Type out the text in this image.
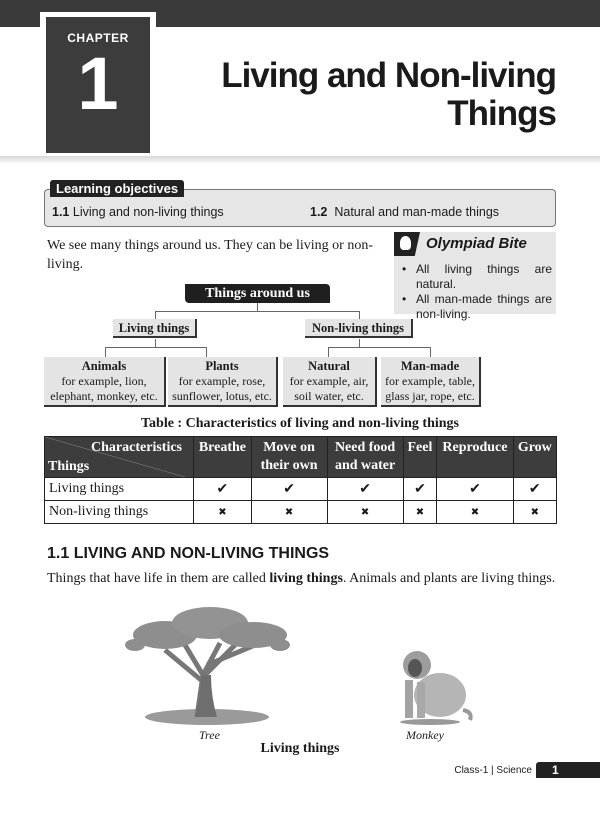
CHAPTER
1	Living and Non-living
Things
Learning objectives
1.1 Living and non-living things	1.2 Natural and man-made things
We see many things around us. They can be living or non-living.
Olympiad Bite
• All living things are natural.
• All man-made things are non-living.
Things around us
Living things	Non-living things
Animals
for example, lion,
elephant, monkey, etc.
Plants
for example, rose,
sunflower, lotus, etc.
Natural
for example, air,
soil water, etc.
Man-made
for example, table,
glass jar, rope, etc.
Table : Characteristics of living and non-living things
Characteristics
Things	Breathe	Move on their own	Need food and water	Feel	Reproduce	Grow
Living things	✔	✔	✔	✔	✔	✔
Non-living things	✖	✖	✖	✖	✖	✖
1.1 LIVING AND NON-LIVING THINGS
Things that have life in them are called living things. Animals and plants are living things.
Tree	Monkey
Living things
Class-1 | Science	1
